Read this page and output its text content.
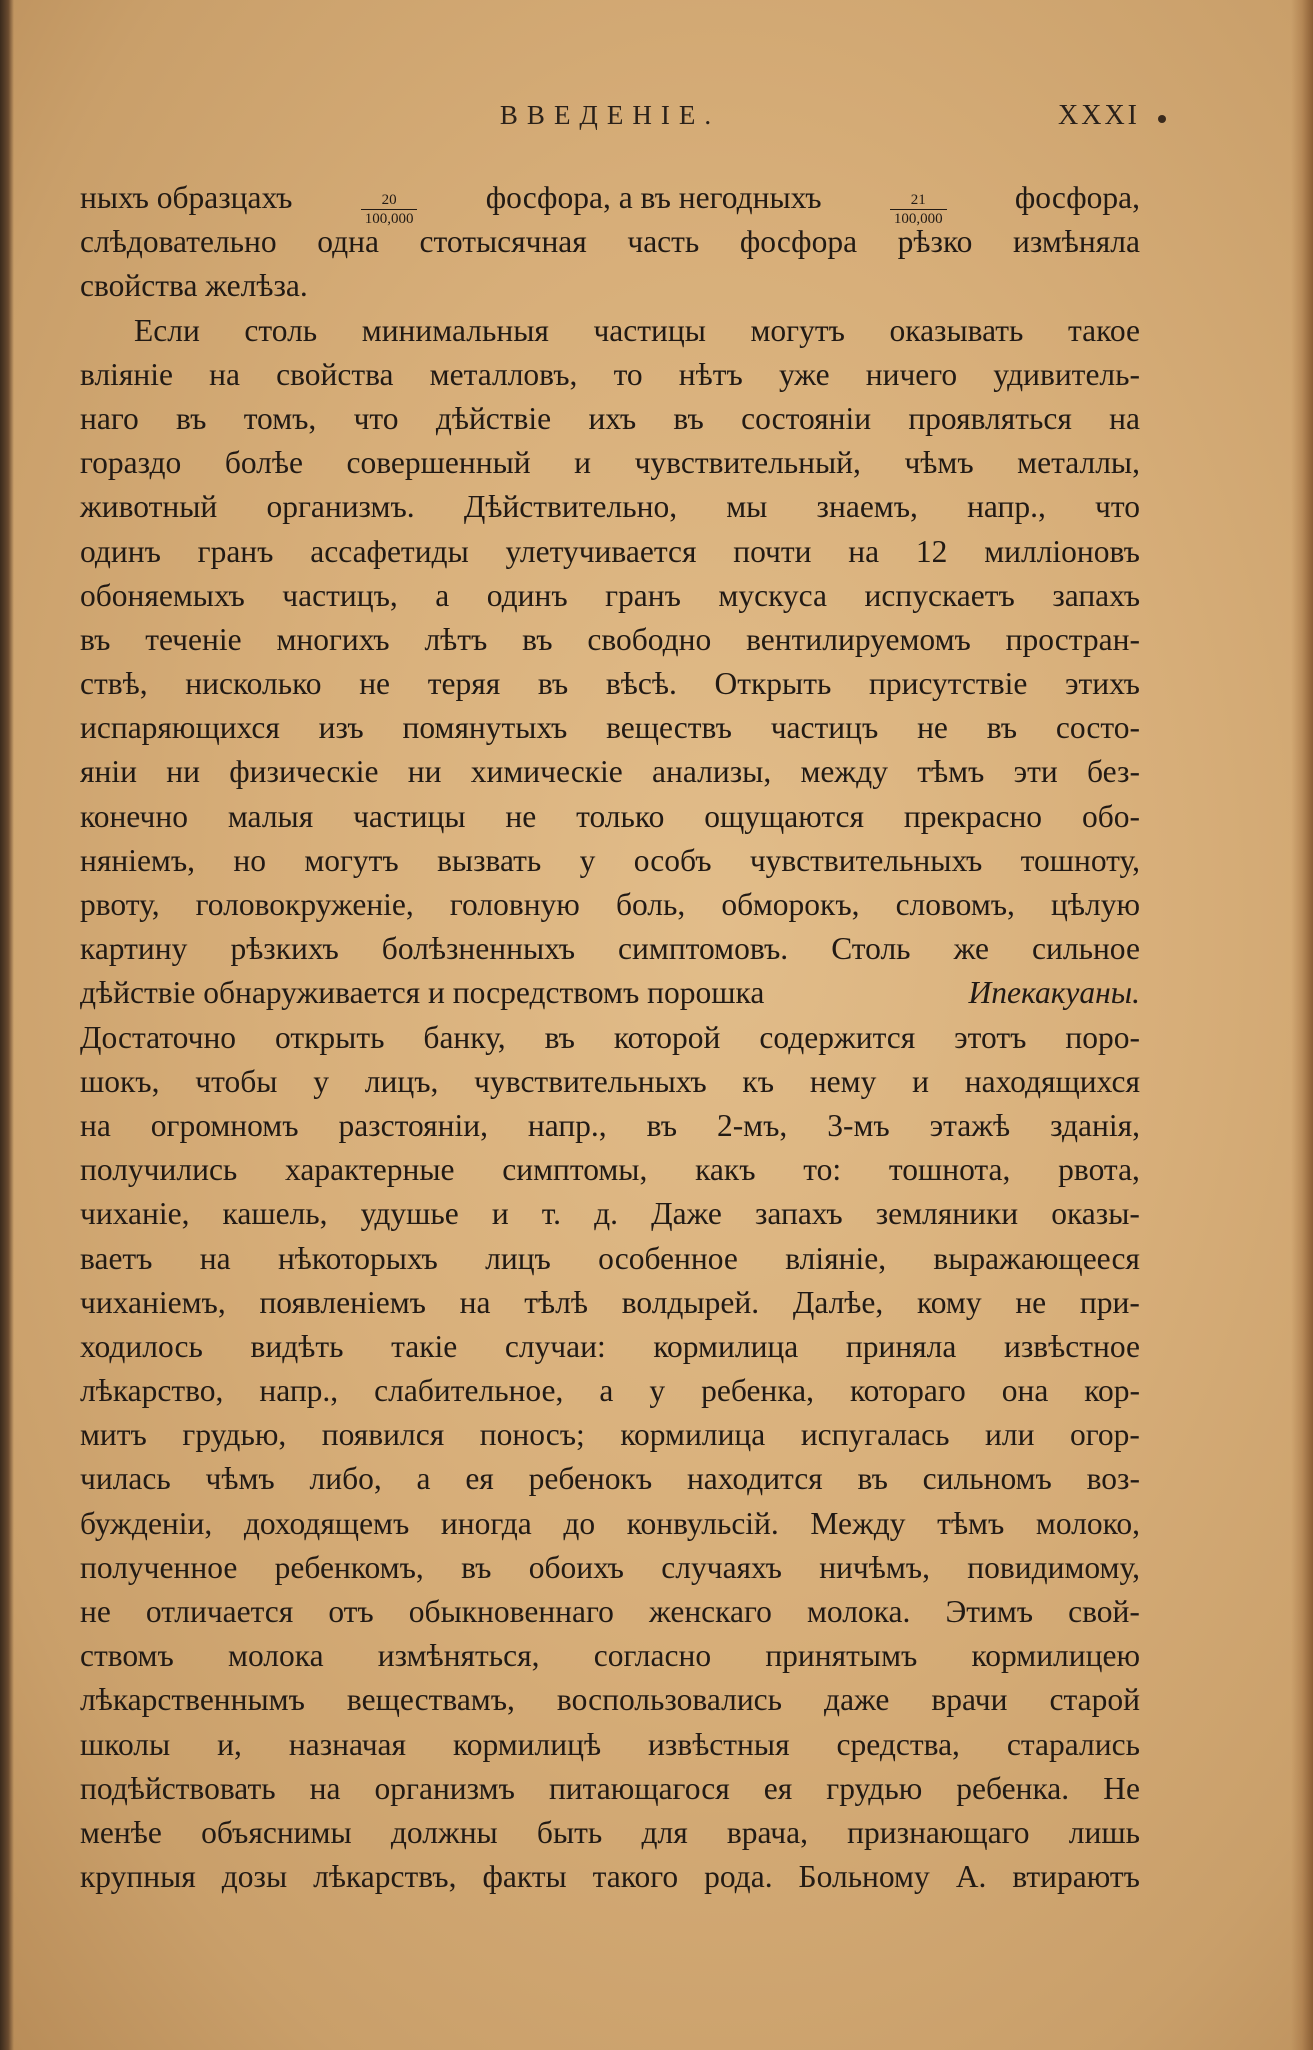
ВВЕДЕНІЕ.	XXXI
ныхъ образцахъ	$\frac{20}{100,000}$ фосфора, а въ негодныхъ	$\frac{21}{100,000}$ фосфора,
слѣдовательно одна стотысячная часть фосфора рѣзко измѣняла
свойства желѣза.
Если столь минимальныя частицы могутъ оказывать такое
вліяніе на свойства металловъ, то нѣтъ уже ничего удивитель-
наго въ томъ, что дѣйствіе ихъ въ состояніи проявляться на
гораздо болѣе совершенный и чувствительный, чѣмъ металлы,
животный организмъ. Дѣйствительно, мы знаемъ, напр., что
одинъ гранъ ассафетиды улетучивается почти на 12 милліоновъ
обоняемыхъ частицъ, а одинъ гранъ мускуса испускаетъ запахъ
въ теченіе многихъ лѣтъ въ свободно вентилируемомъ простран-
ствѣ, нисколько не теряя въ вѣсѣ. Открыть присутствіе этихъ
испаряющихся изъ помянутыхъ веществъ частицъ не въ состо-
яніи ни физическіе ни химическіе анализы, между тѣмъ эти без-
конечно малыя частицы не только ощущаются прекрасно обо-
няніемъ, но могутъ вызвать у особъ чувствительныхъ тошноту,
рвоту, головокруженіе, головную боль, обморокъ, словомъ, цѣлую
картину рѣзкихъ болѣзненныхъ симптомовъ. Столь же сильное
дѣйствіе обнаруживается и посредствомъ порошка	Ипекакуаны.
Достаточно открыть банку, въ которой содержится этотъ поро-
шокъ, чтобы у лицъ, чувствительныхъ къ нему и находящихся
на огромномъ разстояніи, напр., въ 2-мъ, 3-мъ этажѣ зданія,
получились характерные симптомы, какъ то: тошнота, рвота,
чиханіе, кашель, удушье и т. д. Даже запахъ земляники оказы-
ваетъ на нѣкоторыхъ лицъ особенное вліяніе, выражающееся
чиханіемъ, появленіемъ на тѣлѣ волдырей. Далѣе, кому не при-
ходилось видѣть такіе случаи: кормилица приняла извѣстное
лѣкарство, напр., слабительное, а у ребенка, котораго она кор-
митъ грудью, появился поносъ; кормилица испугалась или огор-
чилась чѣмъ либо, а ея ребенокъ находится въ сильномъ воз-
бужденіи, доходящемъ иногда до конвульсій. Между тѣмъ молоко,
полученное ребенкомъ, въ обоихъ случаяхъ ничѣмъ, повидимому,
не отличается отъ обыкновеннаго женскаго молока. Этимъ свой-
ствомъ молока измѣняться, согласно принятымъ кормилицею
лѣкарственнымъ веществамъ, воспользовались даже врачи старой
школы и, назначая кормилицѣ извѣстныя средства, старались
подѣйствовать на организмъ питающагося ея грудью ребенка. Не
менѣе объяснимы должны быть для врача, признающаго лишь
крупныя дозы лѣкарствъ, факты такого рода. Больному А. втираютъ
